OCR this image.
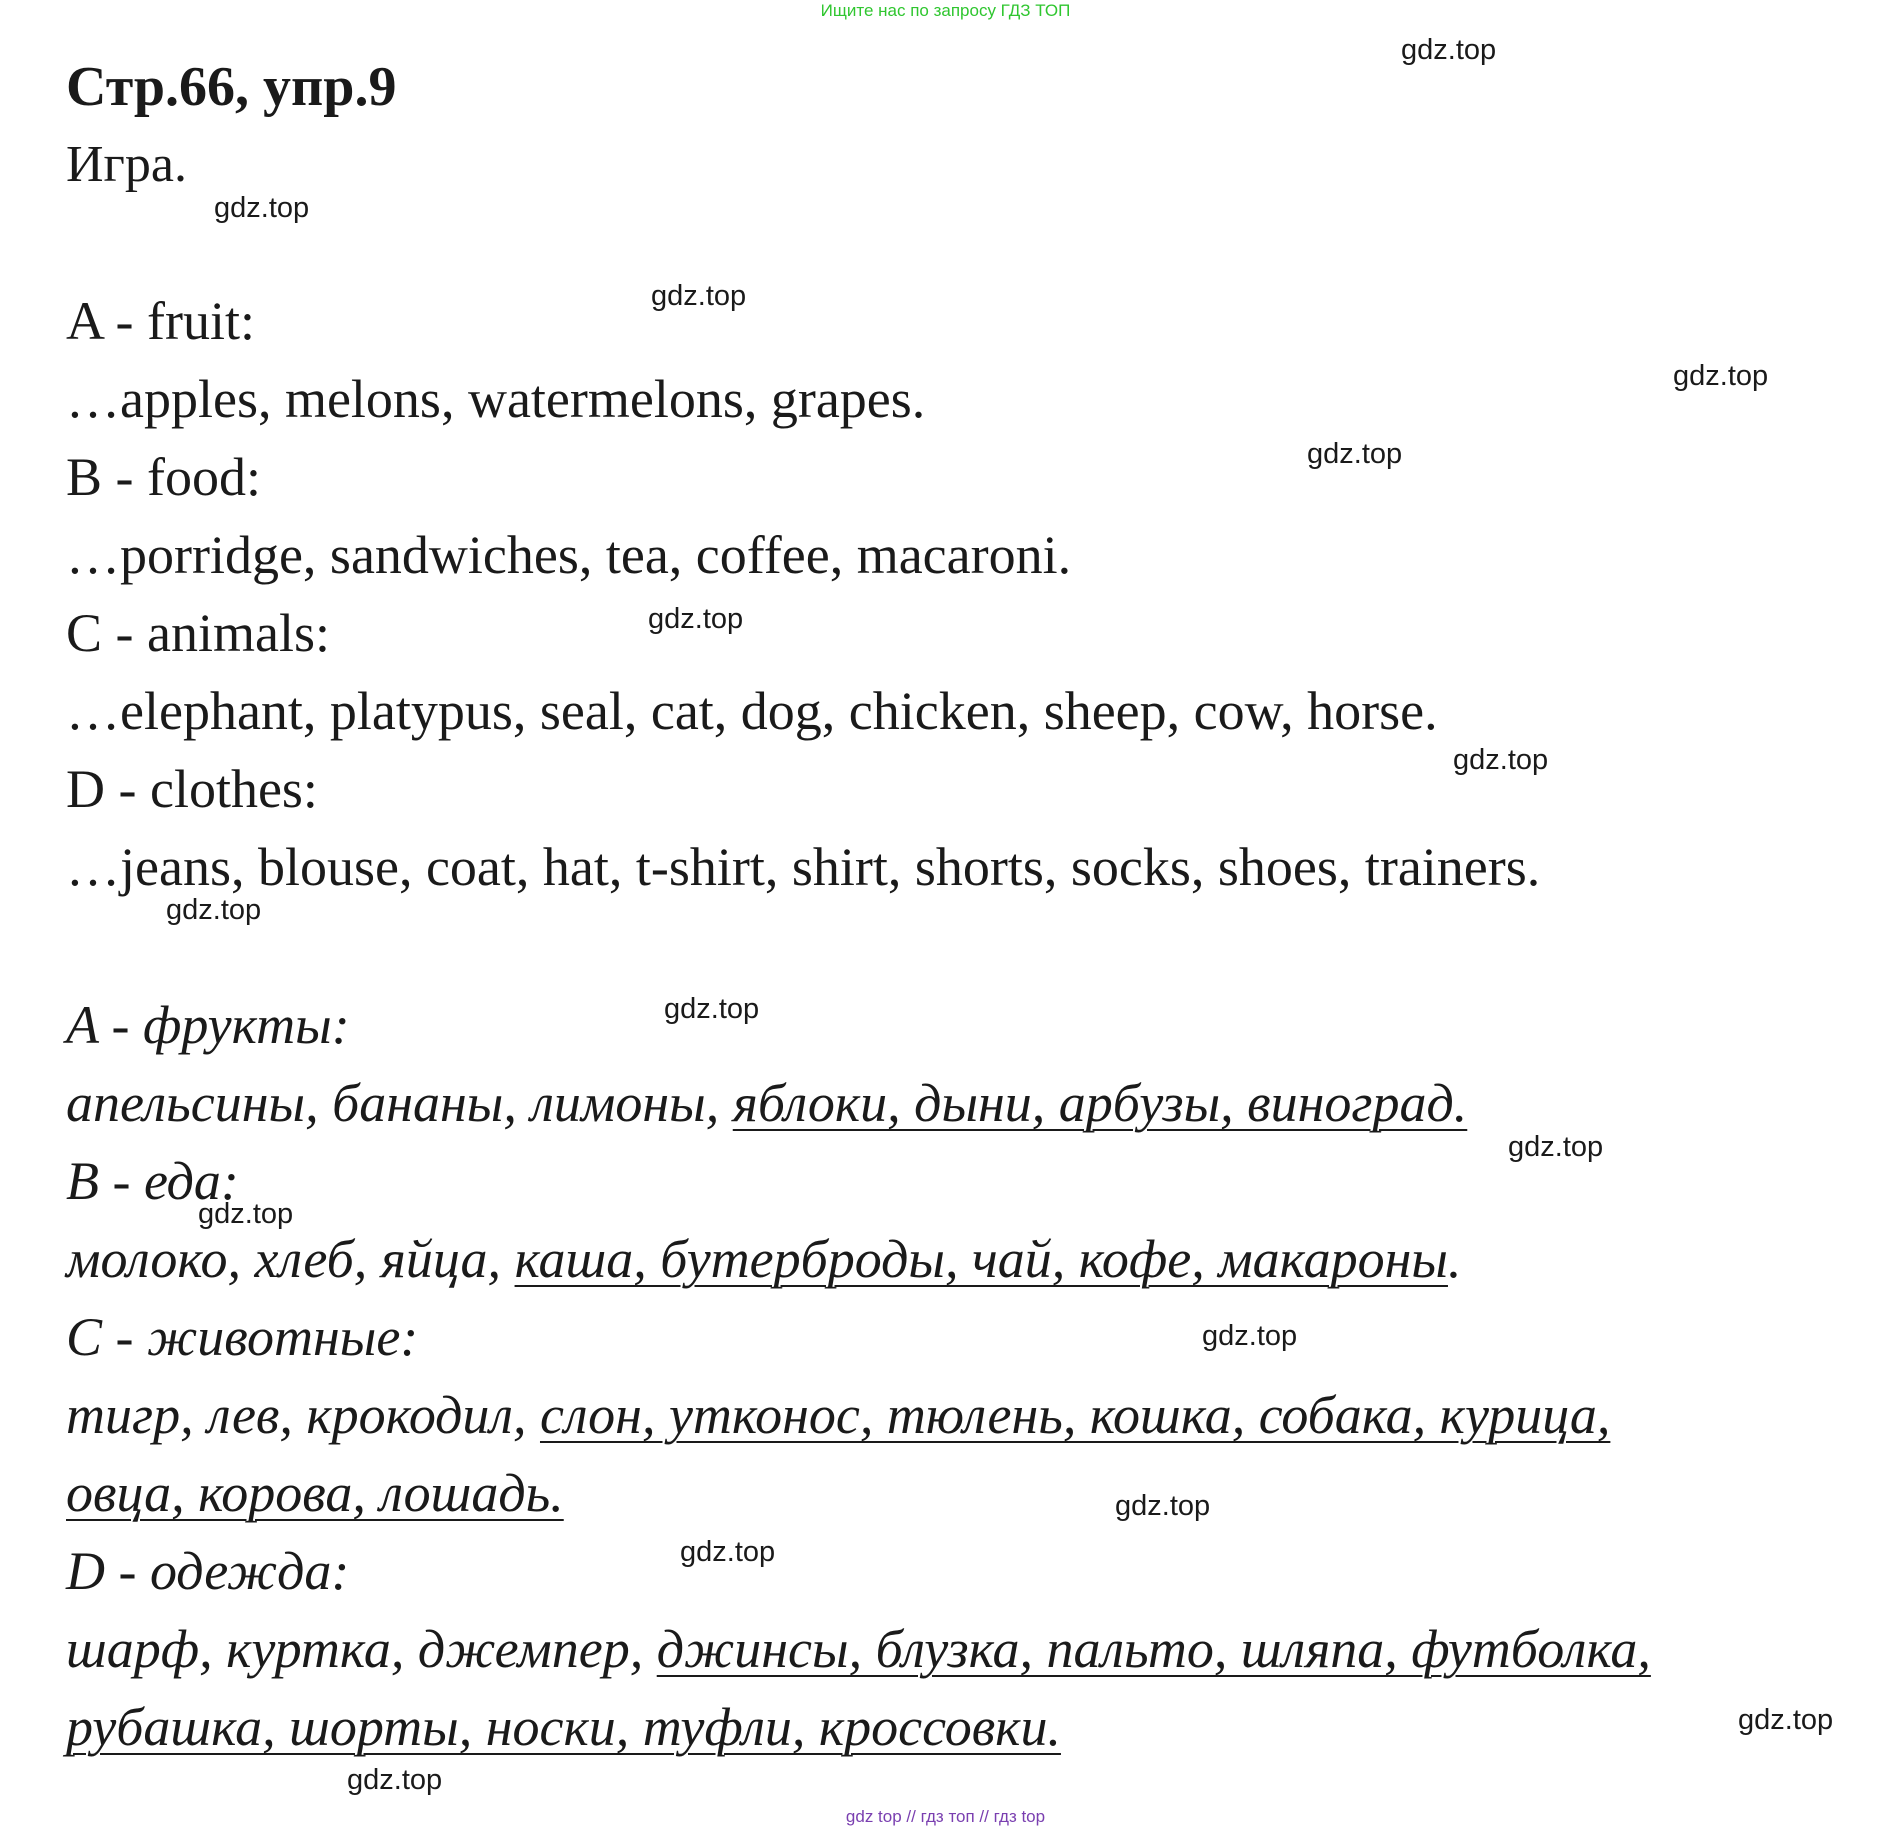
Ищите нас по запросу ГДЗ ТОП
Стр.66, упр.9

Игра.

A - fruit:
…apples, melons, watermelons, grapes.
B - food:
…porridge, sandwiches, tea, coffee, macaroni.
C - animals:
…elephant, platypus, seal, cat, dog, chicken, sheep, cow, horse.
D - clothes:
…jeans, blouse, coat, hat, t-shirt, shirt, shorts, socks, shoes, trainers.
A - фрукты:
апельсины, бананы, лимоны, яблоки, дыни, арбузы, виноград.
B - еда:
молоко, хлеб, яйца, каша, бутерброды, чай, кофе, макароны.
C - животные:
тигр, лев, крокодил, слон, утконос, тюлень, кошка, собака, курица,
овца, корова, лошадь.
D - одежда:
шарф, куртка, джемпер, джинсы, блузка, пальто, шляпа, футболка,
рубашка, шорты, носки, туфли, кроссовки.
gdz.top
gdz.top
gdz.top
gdz.top
gdz.top
gdz.top
gdz.top
gdz.top
gdz.top
gdz.top
gdz.top
gdz.top
gdz.top
gdz.top
gdz.top
gdz.top
gdz top // гдз топ // гдз top
